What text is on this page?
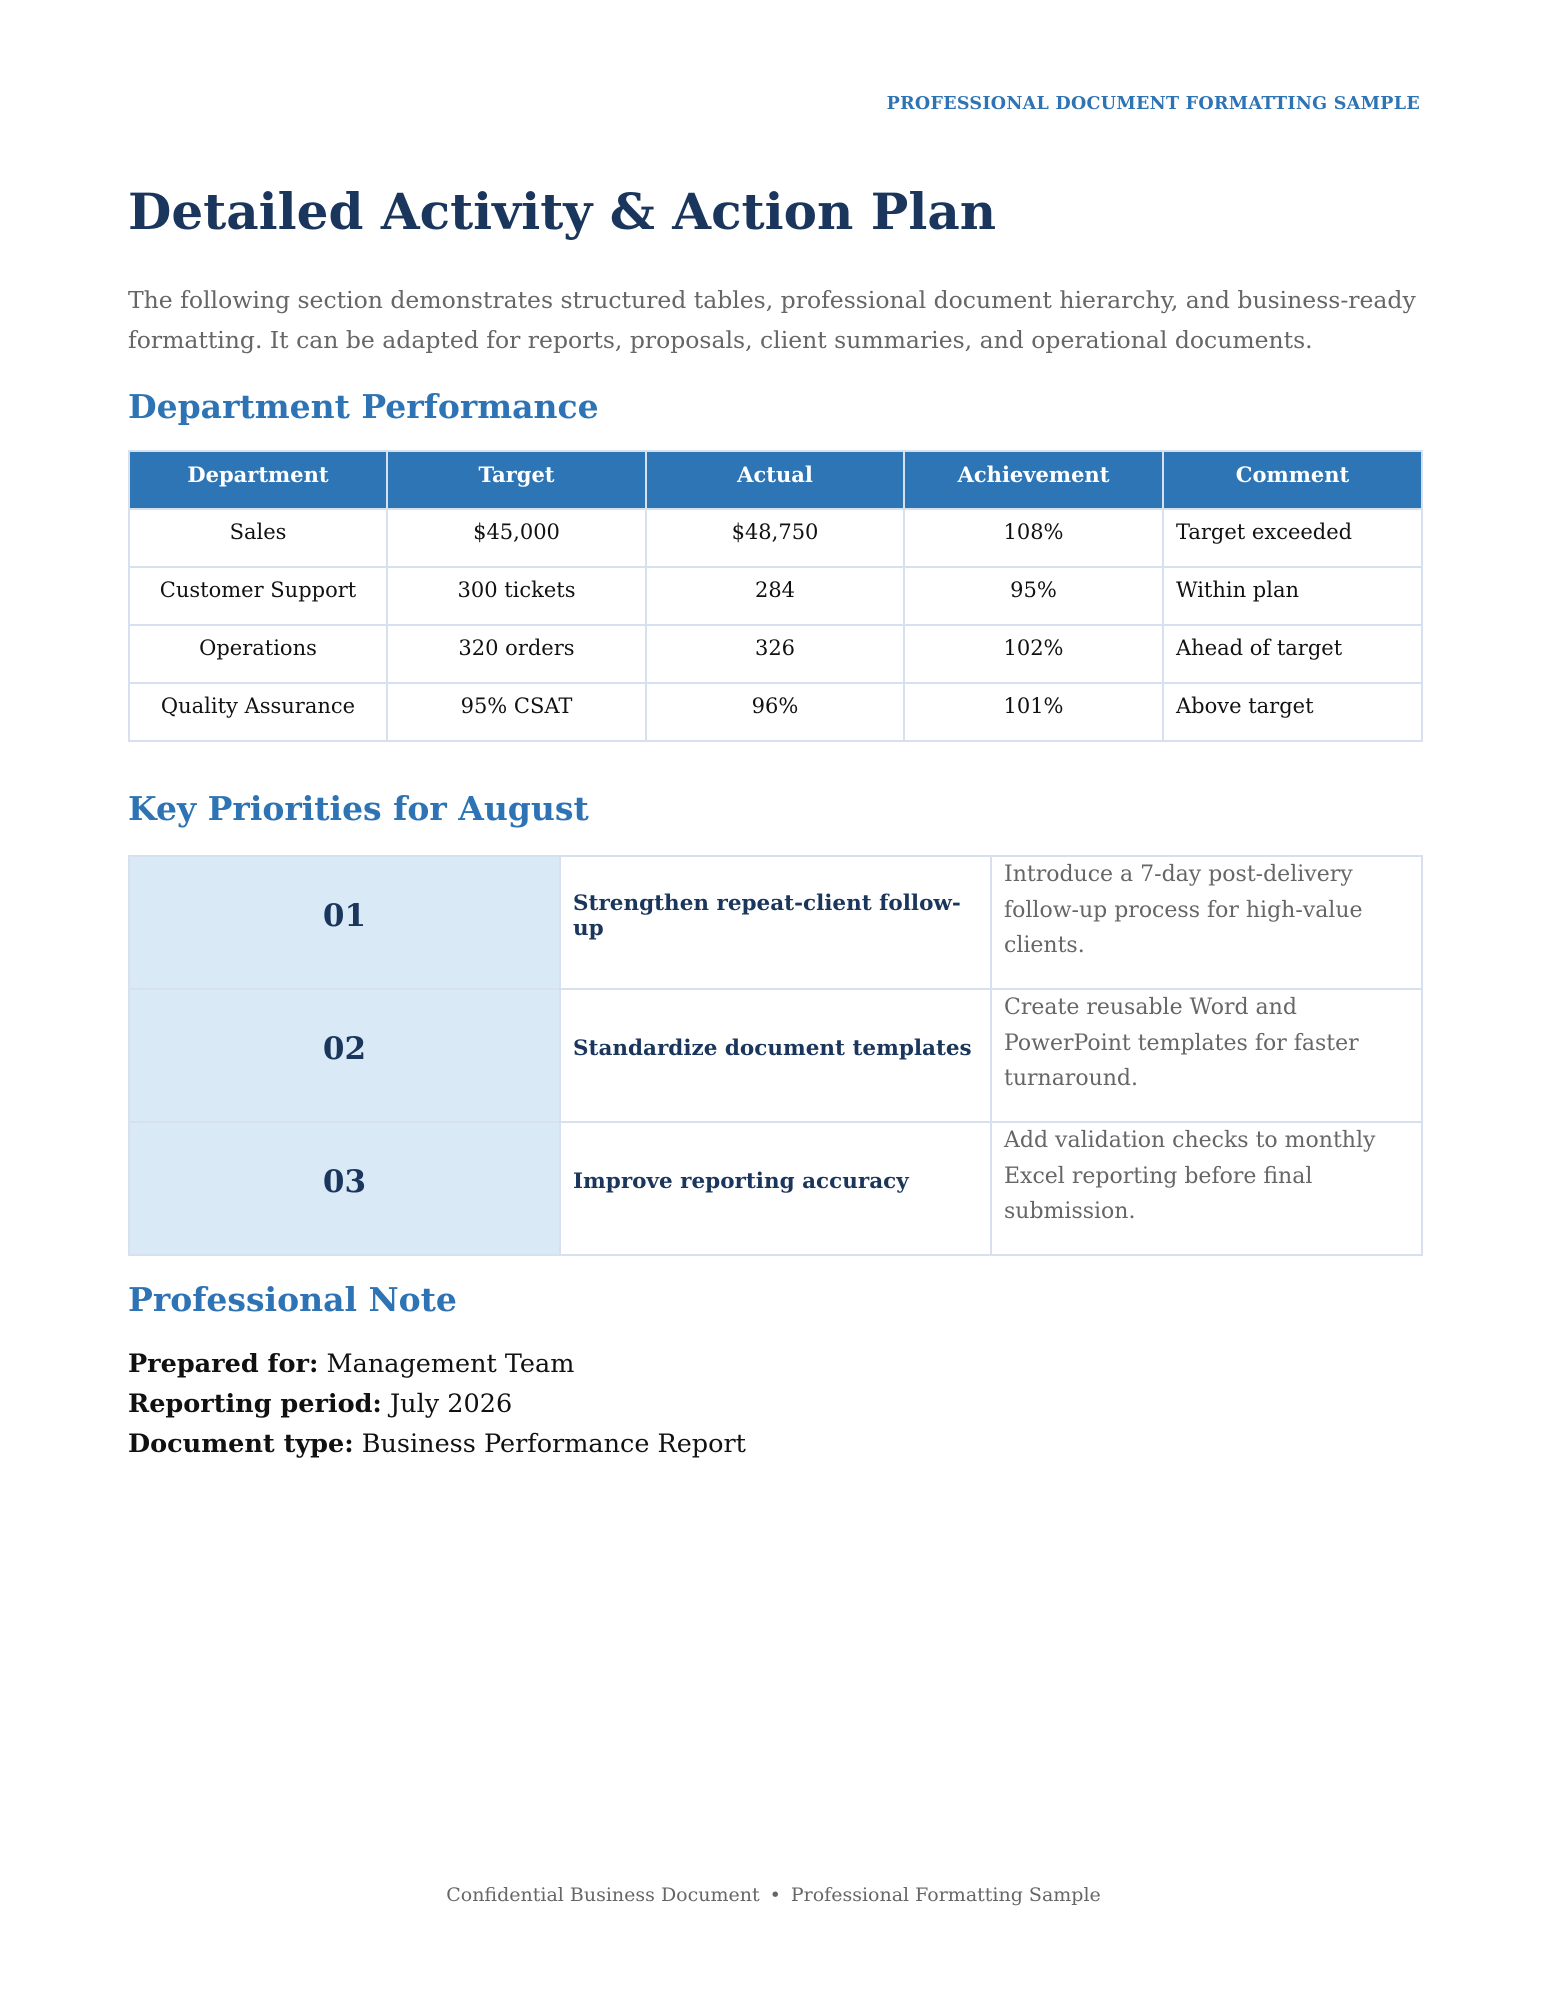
PROFESSIONAL DOCUMENT FORMATTING SAMPLE
Detailed Activity & Action Plan

The following section demonstrates structured tables, professional document hierarchy, and business-ready formatting. It can be adapted for reports, proposals, client summaries, and operational documents.

Department Performance
Department	Target	Actual	Achievement	Comment
Sales	$45,000	$48,750	108%	Target exceeded
Customer Support	300 tickets	284	95%	Within plan
Operations	320 orders	326	102%	Ahead of target
Quality Assurance	95% CSAT	96%	101%	Above target
Key Priorities for August
01	Strengthen repeat-client follow-up	Introduce a 7-day post-delivery follow-up process for high-value clients.
02	Standardize document templates	Create reusable Word and PowerPoint templates for faster turnaround.
03	Improve reporting accuracy	Add validation checks to monthly Excel reporting before final submission.
Professional Note
Prepared for: Management Team
Reporting period: July 2026
Document type: Business Performance Report
Confidential Business Document • Professional Formatting Sample
